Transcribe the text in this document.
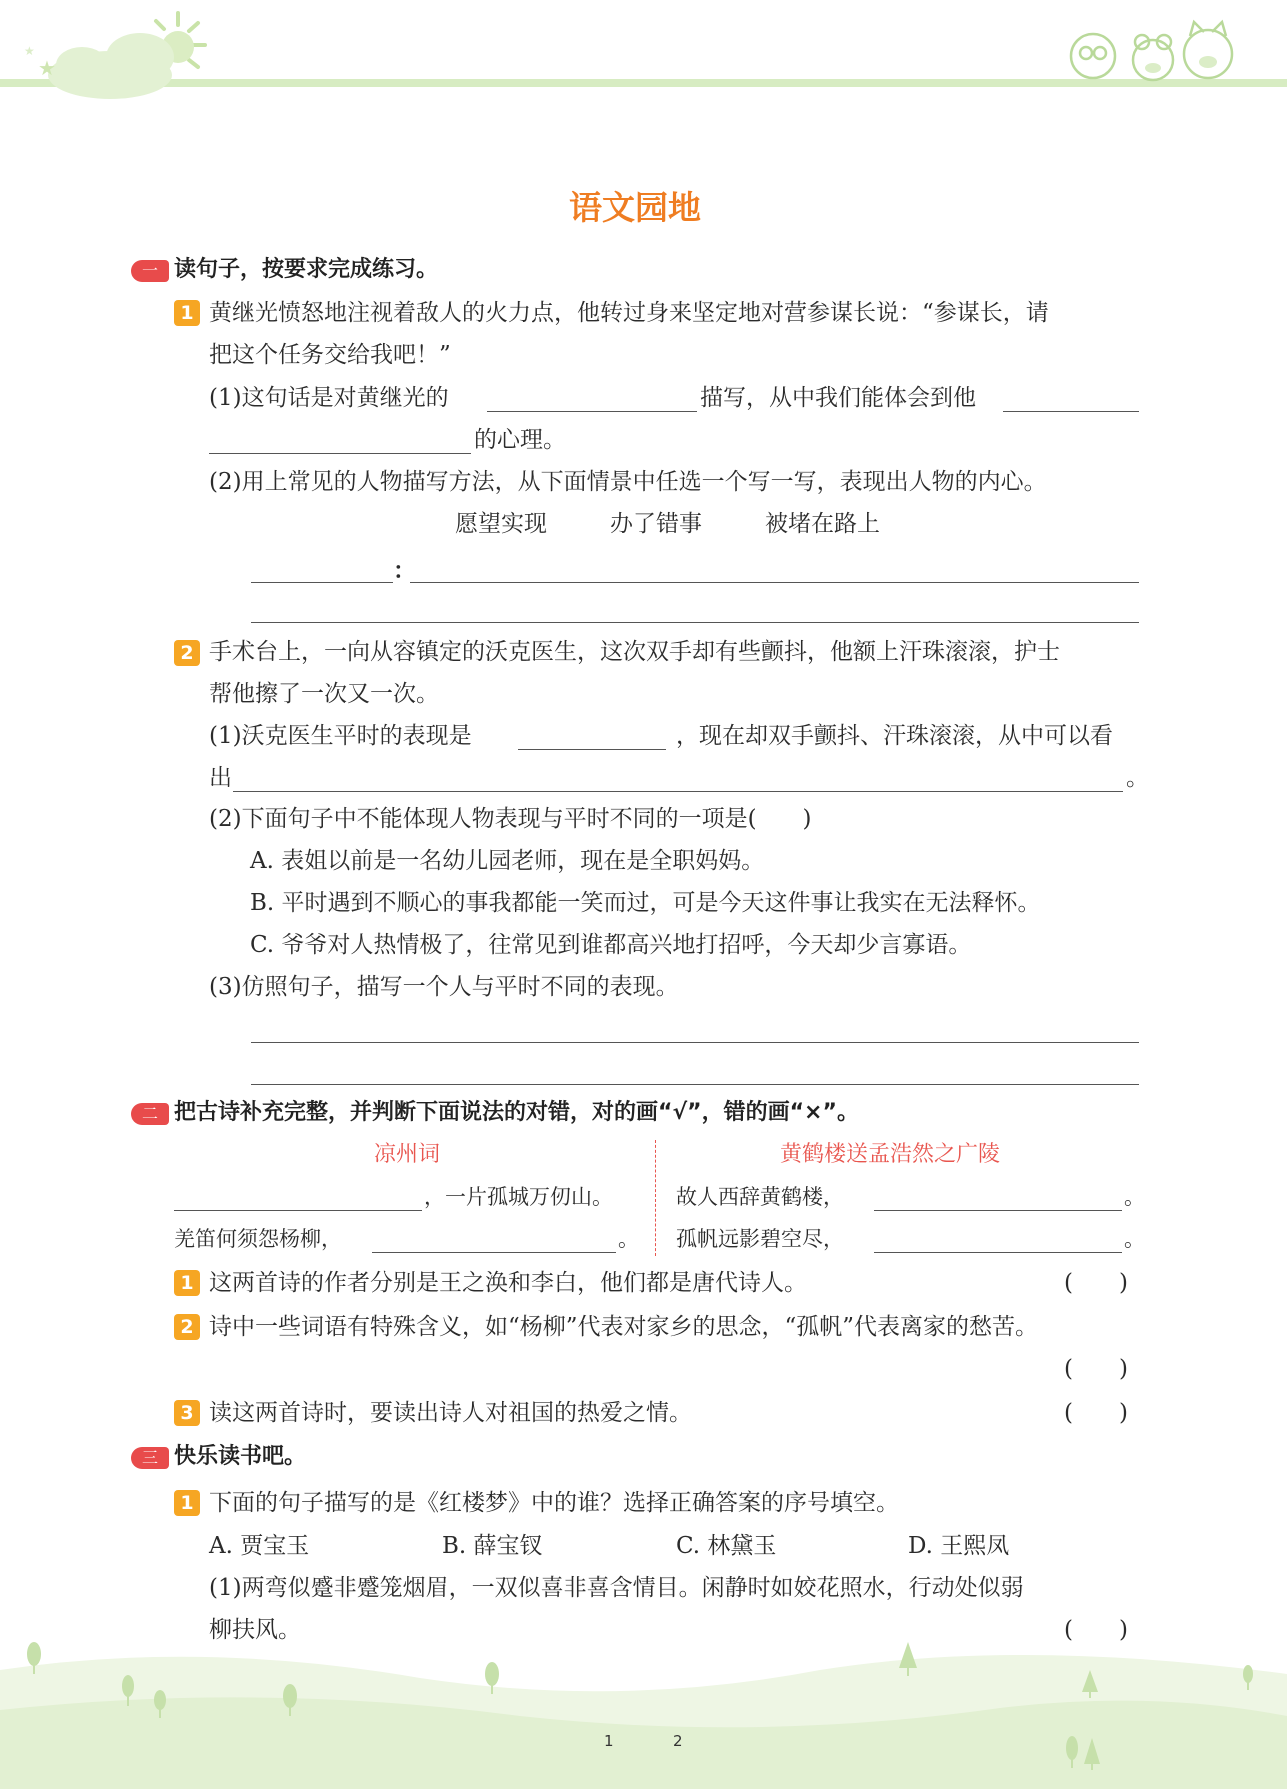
★
★
语文园地
一 读句子，按要求完成练习。
1 黄继光愤怒地注视着敌人的火力点，他转过身来坚定地对营参谋长说：“参谋长，请
把这个任务交给我吧！”
(1)这句话是对黄继光的	描写，从中我们能体会到他
的心理。
(2)用上常见的人物描写方法，从下面情景中任选一个写一写，表现出人物的内心。
愿望实现	办了错事	被堵在路上
：
2 手术台上，一向从容镇定的沃克医生，这次双手却有些颤抖，他额上汗珠滚滚，护士
帮他擦了一次又一次。
(1)沃克医生平时的表现是	，现在却双手颤抖、汗珠滚滚，从中可以看
出	。
(2)下面句子中不能体现人物表现与平时不同的一项是(　　)
A. 表姐以前是一名幼儿园老师，现在是全职妈妈。
B. 平时遇到不顺心的事我都能一笑而过，可是今天这件事让我实在无法释怀。
C. 爷爷对人热情极了，往常见到谁都高兴地打招呼，今天却少言寡语。
(3)仿照句子，描写一个人与平时不同的表现。
二 把古诗补充完整，并判断下面说法的对错，对的画“√”，错的画“×”。
凉州词	黄鹤楼送孟浩然之广陵
，一片孤城万仞山。
羌笛何须怨杨柳，	。
故人西辞黄鹤楼，	。
孤帆远影碧空尽，	。
1 这两首诗的作者分别是王之涣和李白，他们都是唐代诗人。	(　　)
2 诗中一些词语有特殊含义，如“杨柳”代表对家乡的思念，“孤帆”代表离家的愁苦。
(　　)
3 读这两首诗时，要读出诗人对祖国的热爱之情。	(　　)
三 快乐读书吧。
1 下面的句子描写的是《红楼梦》中的谁？选择正确答案的序号填空。
A. 贾宝玉	B. 薛宝钗	C. 林黛玉	D. 王熙凤
(1)两弯似蹙非蹙笼烟眉，一双似喜非喜含情目。闲静时如姣花照水，行动处似弱
柳扶风。	(　　)
1	2
